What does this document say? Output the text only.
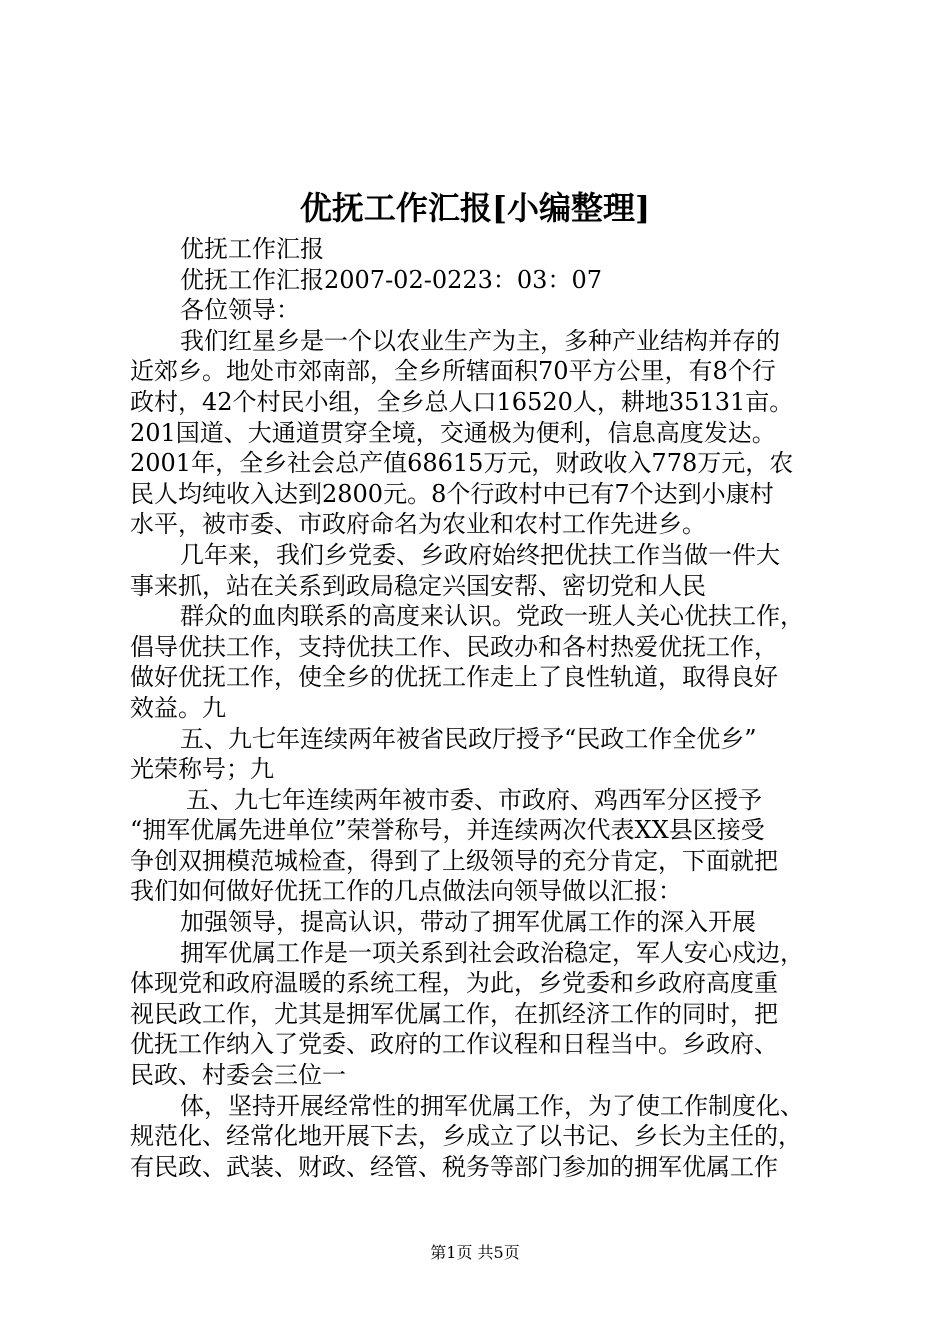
优抚工作汇报[小编整理]
优抚工作汇报
优抚工作汇报2007-02-0223：03：07
各位领导：
我们红星乡是一个以农业生产为主，多种产业结构并存的
近郊乡。地处市郊南部，全乡所辖面积70平方公里，有8个行
政村，42个村民小组，全乡总人口16520人，耕地35131亩。
201国道、大通道贯穿全境，交通极为便利，信息高度发达。
2001年，全乡社会总产值68615万元，财政收入778万元，农
民人均纯收入达到2800元。8个行政村中已有7个达到小康村
水平，被市委、市政府命名为农业和农村工作先进乡。
几年来，我们乡党委、乡政府始终把优扶工作当做一件大
事来抓，站在关系到政局稳定兴国安帮、密切党和人民
群众的血肉联系的高度来认识。党政一班人关心优扶工作，
倡导优扶工作，支持优扶工作、民政办和各村热爱优抚工作，
做好优抚工作，使全乡的优抚工作走上了良性轨道，取得良好
效益。九
五、九七年连续两年被省民政厅授予“民政工作全优乡”
光荣称号；九
五、九七年连续两年被市委、市政府、鸡西军分区授予
“拥军优属先进单位”荣誉称号，并连续两次代表XX县区接受
争创双拥模范城检查，得到了上级领导的充分肯定，下面就把
我们如何做好优抚工作的几点做法向领导做以汇报：
加强领导，提高认识，带动了拥军优属工作的深入开展
拥军优属工作是一项关系到社会政治稳定，军人安心戍边，
体现党和政府温暖的系统工程，为此，乡党委和乡政府高度重
视民政工作，尤其是拥军优属工作，在抓经济工作的同时，把
优抚工作纳入了党委、政府的工作议程和日程当中。乡政府、
民政、村委会三位一
体，坚持开展经常性的拥军优属工作，为了使工作制度化、
规范化、经常化地开展下去，乡成立了以书记、乡长为主任的，
有民政、武装、财政、经管、税务等部门参加的拥军优属工作
第1页 共5页
